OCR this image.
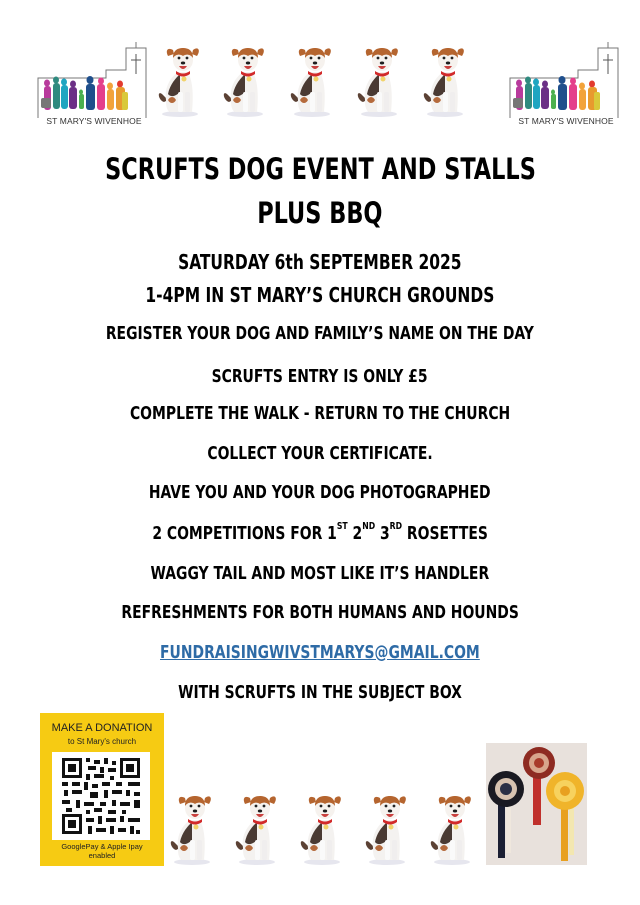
ST MARY'S WIVENHOE	ST MARY'S WIVENHOE
SCRUFTS DOG EVENT AND STALLS
PLUS BBQ
SATURDAY 6th SEPTEMBER 2025
1-4PM IN ST MARY’S CHURCH GROUNDS
REGISTER YOUR DOG AND FAMILY’S NAME ON THE DAY
SCRUFTS ENTRY IS ONLY £5
COMPLETE THE WALK - RETURN TO THE CHURCH
COLLECT YOUR CERTIFICATE.
HAVE YOU AND YOUR DOG PHOTOGRAPHED
2 COMPETITIONS FOR 1ST 2ND 3RD ROSETTES
WAGGY TAIL AND MOST LIKE IT’S HANDLER
REFRESHMENTS FOR BOTH HUMANS AND HOUNDS
FUNDRAISINGWIVSTMARYS@GMAIL.COM
WITH SCRUFTS IN THE SUBJECT BOX
MAKE A DONATION
to St Mary's church
GooglePay & Apple Ipay
enabled
